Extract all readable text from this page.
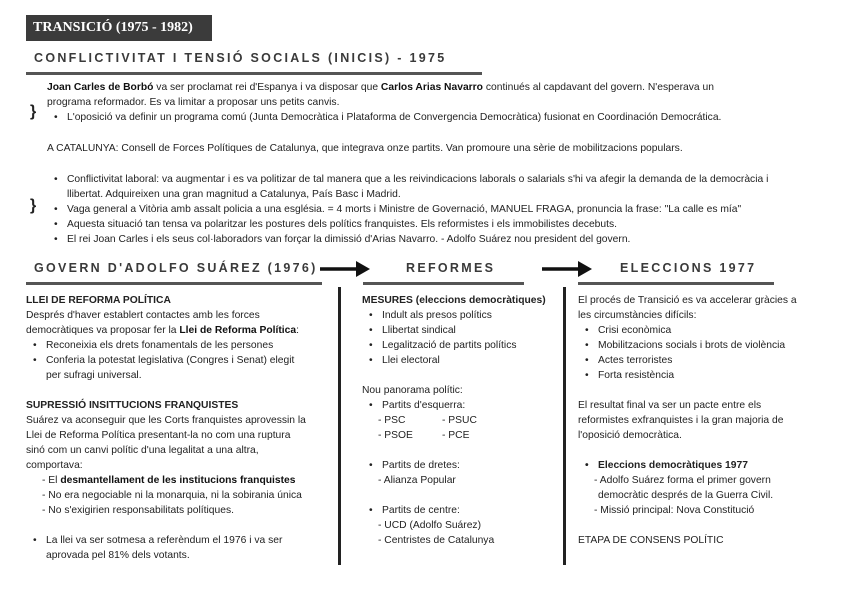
TRANSICIÓ (1975 - 1982)
CONFLICTIVITAT I TENSIÓ SOCIALS (INICIS) - 1975
Joan Carles de Borbó va ser proclamat rei d'Espanya i va disposar que Carlos Arias Navarro continués al capdavant del govern. N'esperava un
programa reformador. Es va limitar a proposar uns petits canvis.
}	• L'oposició va definir un programa comú (Junta Democràtica i Plataforma de Convergencia Democràtica) fusionat en Coordinación Democrática.
A CATALUNYA: Consell de Forces Polítiques de Catalunya, que integrava onze partits. Van promoure una sèrie de mobilitzacions populars.
}
• Conflictivitat laboral: va augmentar i es va politizar de tal manera que a les reivindicacions laborals o salarials s'hi va afegir la demanda de la democràcia i
llibertat. Adquireixen una gran magnitud a Catalunya, País Basc i Madrid.
• Vaga general a Vitòria amb assalt policia a una església. = 4 morts i Ministre de Governació, MANUEL FRAGA, pronuncia la frase: "La calle es mía"
• Aquesta situació tan tensa va polaritzar les postures dels polítics franquistes. Els reformistes i els immobilistes decebuts.
• El rei Joan Carles i els seus col·laboradors van forçar la dimissió d'Arias Navarro. - Adolfo Suárez nou president del govern.
GOVERN D'ADOLFO SUÁREZ (1976)	REFORMES	ELECCIONS 1977
LLEI DE REFORMA POLÍTICA
Després d'haver establert contactes amb les forces
democràtiques va proposar fer la Llei de Reforma Política:
• Reconeixia els drets fonamentals de les persones
• Conferia la potestat legislativa (Congres i Senat) elegit
per sufragi universal.
SUPRESSIÓ INSITTUCIONS FRANQUISTES
Suárez va aconseguir que les Corts franquistes aprovessin la
Llei de Reforma Política presentant-la no com una ruptura
sinó com un canvi polític d'una legalitat a una altra,
comportava:
- El desmantellament de les institucions franquistes
- No era negociable ni la monarquia, ni la sobirania única
- No s'exigirien responsabilitats polítiques.
• La llei va ser sotmesa a referèndum el 1976 i va ser
aprovada pel 81% dels votants.
MESURES (eleccions democràtiques)
• Indult als presos polítics
• Llibertat sindical
• Legalització de partits polítics
• Llei electoral
Nou panorama polític:
• Partits d'esquerra:
- PSC	- PSUC
- PSOE	- PCE
• Partits de dretes:
- Alianza Popular
• Partits de centre:
- UCD (Adolfo Suárez)
- Centristes de Catalunya
El procés de Transició es va accelerar gràcies a
les circumstàncies difícils:
• Crisi econòmica
• Mobilitzacions socials i brots de violència
• Actes terroristes
• Forta resistència
El resultat final va ser un pacte entre els
reformistes exfranquistes i la gran majoria de
l'oposició democràtica.
• Eleccions democràtiques 1977
- Adolfo Suárez forma el primer govern
democràtic després de la Guerra Civil.
- Missió principal: Nova Constitució
ETAPA DE CONSENS POLÍTIC
